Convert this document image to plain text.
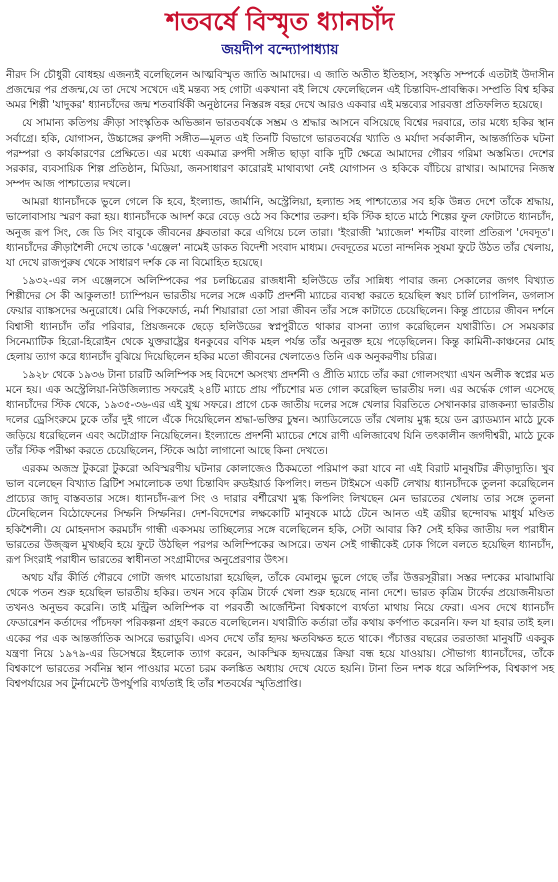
শতবর্ষে বিস্মৃত ধ্যানচাঁদ
জয়দীপ বন্দ্যোপাধ্যায়

নীরদ সি চৌধুরী বোধহয় এজন্যই বলেছিলেন আত্মবিস্মৃত জাতি আমাদের। এ জাতি অতীত ইতিহাস, সংস্কৃতি সম্পর্কে এতটাই উদাসীন প্রজন্মের পর প্রজন্ম,যে তা দেখে সখেদে এই মন্তব্য সহ গোটা একখানা বই লিখে ফেলেছিলেন এই চিন্তাবিদ-প্রাবন্ধিক। সম্প্রতি বিশ্ব হকির অমর শিল্পী 'যাদুকর' ধ্যানচাঁদের জন্ম শতবার্ষিকী অনুষ্ঠানের নিস্তরঙ্গ বহর দেখে আরও একবার এই মন্তব্যের সারবত্তা প্রতিফলিত হয়েছে।

যে সামান্য কতিপয় ক্রীড়া সাংস্কৃতিক অভিজ্ঞান ভারতবর্ষকে সম্ভ্রম ও শ্রদ্ধার আসনে বসিয়েছে বিশ্বের দরবারে, তার মধ্যে হকির স্থান সর্বাগ্রে। হকি, যোগাসন, উচ্চাঙ্গের রুপদী সঙ্গীত—মূলত এই তিনটি বিভাগে ভারতবর্ষের খ্যাতি ও মর্যাদা সর্বকালীন, আন্তর্জাতিক ঘটনা পরম্পরা ও কার্যকারণের প্রেক্ষিতে। এর মধ্যে একমাত্র রুপদী সঙ্গীত ছাড়া বাকি দুটি ক্ষেত্রে আমাদের গৌরব গরিমা অস্তমিত। দেশের সরকার, ব্যবসায়িক শিল্প প্রতিষ্ঠান, মিডিয়া, জনসাধারণ কারোরই মাথাব্যথা নেই যোগাসন ও হকিকে বাঁচিয়ে রাখার। আমাদের নিজস্ব সম্পদ আজ পাশ্চাত্যের দখলে।

আমরা ধ্যানচাঁদকে ভুলে গেলে কি হবে, ইংল্যান্ড, জার্মানি, অস্ট্রেলিয়া, হল্যান্ড সহ পাশ্চাত্যের সব হকি উন্নত দেশে তাঁকে শ্রদ্ধায়, ভালোবাসায় স্মরণ করা হয়। ধ্যানচাঁদকে আদর্শ করে বেড়ে ওঠে সব কিশোর তরুণ। হকি স্টিক হাতে মাঠে শিল্পের ফুল ফোটাতে ধ্যানচাঁদ, অনুজ রূপ সিং, জে ডি সিং বাবুকে জীবনের ধ্রুবতারা করে এগিয়ে চলে তারা। 'ইংরাজী 'ম্যাজেল' শব্দটির বাংলা প্রতিরূপ 'দেবদূত'। ধ্যানচাঁদের ক্রীড়াশৈলী দেখে তাকে 'এঞ্জেল' নামেই ডাকত বিদেশী সংবাদ মাধ্যম। দেবদূতের মতো নান্দনিক সুষমা ফুটে উঠত তাঁর খেলায়, যা দেখে রাজপুরুষ থেকে সাধারণ দর্শক কে না বিমোহিত হয়েছে।

১৯৩২-এর লস এঞ্জেলসে অলিম্পিকের পর চলচ্চিত্রের রাজধানী হলিউডে তাঁর সান্নিধ্য পাবার জন্য সেকালের জগৎ বিখ্যাত শিল্পীদের সে কী আকুলতা! চ্যাম্পিয়ন ভারতীয় দলের সঙ্গে একটি প্রদর্শনী ম্যাচের ব্যবস্থা করতে হয়েছিল স্বয়ং চার্লি চ্যাপলিন, ডগলাস ফেয়ার ব্যাঙ্কসদের অনুরোধে। মেরি পিকফোর্ড, নর্মা শিয়ারারা তো সারা জীবন তাঁর সঙ্গে কাটাতে চেয়েছিলেন। কিন্তু প্রাচ্যের জীবন দর্শনে বিশ্বাসী ধ্যানচাঁদ তাঁর পরিবার, প্রিয়জনকে ছেড়ে হলিউডের স্বপ্নপুরীতে থাকার বাসনা ত্যাগ করেছিলেন যথারীতি। সে সময়কার সিনেম্যাটিক হিরো-হিরোইন থেকে যুক্তরাষ্ট্রের ধনকুবের বণিক মহল পর্যন্ত তাঁর অনুরক্ত হয়ে পড়েছিলেন। কিন্তু কামিনী-কাঞ্চনের মোহ হেলায় ত্যাগ করে ধ্যানচাঁদ বুঝিয়ে দিয়েছিলেন হকির মতো জীবনের খেলাতেও তিনি এক অনুকরণীয় চরিত্র।

১৯২৮ থেকে ১৯৩৬ টানা চারটি অলিম্পিক সহ বিদেশে অসংখ্য প্রদর্শনী ও প্রীতি ম্যাচে তাঁর করা গোলসংখ্যা এখন অলীক স্বপ্নের মত মনে হয়। এক অস্ট্রেলিয়া-নিউজিল্যান্ড সফরেই ২৪টি ম্যাচে প্রায় পাঁচশোর মত গোল করেছিল ভারতীয় দল। এর অর্দ্ধেক গোল এসেছে ধ্যানচাঁদের স্টিক থেকে, ১৯৩৫-৩৬-এর এই যুগ্ম সফরে। প্রাগে চেক জাতীয় দলের সঙ্গে খেলার বিরতিতে সেখানকার রাজকন্যা ভারতীয় দলের ড্রেসিংরুমে ঢুকে তাঁর দুই গালে এঁকে দিয়েছিলেন শ্রদ্ধা-ভক্তির চুম্বন। অ্যাডিলেডে তাঁর খেলায় মুগ্ধ হয়ে ডন ব্র্যাডম্যান মাঠে ঢুকে জড়িয়ে ধরেছিলেন এবং অটোগ্রাফ নিয়েছিলেন। ইংল্যান্ডে প্রদর্শনী ম্যাচের শেষে রাণী এলিজাবেথ যিনি তৎকালীন জগদীশ্বরী, মাঠে ঢুকে তাঁর স্টিক পরীক্ষা করতে চেয়েছিলেন, স্টিকে আঠা লাগানো আছে কিনা দেখতে।

এরকম অজস্র টুকরো টুকরো অবিস্মরণীয় ঘটনার কোলাজেও ঠিকমতো পরিমাপ করা যাবে না এই বিরাট মানুষটির ক্রীড়াদ্যুতি। খুব ভাল বলেছেন বিখ্যাত ব্রিটিশ সমালোচক তথা চিন্তাবিদ রুডইয়ার্ড কিপলিং। লন্ডন টাইমসে একটি লেখায় ধ্যানচাঁদকে তুলনা করেছিলেন প্রাচ্যের জাদু বাস্তবতার সঙ্গে। ধ্যানচাঁদ-রূপ সিং ও দারার বর্শীরেখা মুগ্ধ কিপলিং লিখছেন মেন ভারতের খেলায় তার সঙ্গে তুলনা টেনেছিলেন বিঠোফেনের সিম্ফনি সিম্ফনির। দেশ-বিদেশের লক্ষকোটি মানুষকে মাঠে টেনে আনত এই ত্রয়ীর ছন্দোবদ্ধ মাধুর্য মণ্ডিত হকিশৈলী। যে মোহনদাস করমচাঁদ গান্ধী একসময় তাচ্ছিল্যের সঙ্গে বলেছিলেন হকি, সেটা আবার কি? সেই হকির জাতীয় দল পরাধীন ভারতের উজ্জ্বল মুখচ্ছবি হয়ে ফুটে উঠছিল পরপর অলিম্পিকের আসরে। তখন সেই গান্ধীকেই ঢোক গিলে বলতে হয়েছিল ধ্যানচাঁদ, রূপ সিংরাই পরাধীন ভারতের স্বাধীনতা সংগ্রামীদের অনুপ্রেরণার উৎস।

অথচ যাঁর কীর্তি গৌরবে গোটা জগৎ মাতোয়ারা হয়েছিল, তাঁকে বেমালুম ভুলে গেছে তাঁর উত্তরসূরীরা। সস্তর দশকের মাঝামাঝি থেকে পতন শুরু হয়েছিল ভারতীয় হকির। তখন সবে কৃত্রিম টার্ফে খেলা শুরু হয়েছে নানা দেশে। ভারত কৃত্রিম টার্ফের প্রয়োজনীয়তা তখনও অনুভব করেনি। তাই মন্ট্রিল অলিম্পিক বা পরবর্তী আর্জেন্টিনা বিশ্বকাপে ব্যর্থতা মাথায় নিয়ে ফেরা। এসব দেখে ধ্যানচাঁদ ফেডারেশন কর্তাদের পাঁচদফা পরিকল্পনা গ্রহণ করতে বলেছিলেন। যথারীতি কর্তারা তাঁর কথায় কর্ণপাত করেননি। ফল যা হবার তাই হল। একের পর এক আন্তর্জাতিক আসরে ভরাডুবি। এসব দেখে তাঁর হৃদয় ক্ষতবিক্ষত হতে থাকে। পঁচাত্তর বছরের তরতাজা মানুষটি একবুক যন্ত্রণা নিয়ে ১৯৭৯-এর ডিসেম্বরে ইহলোক ত্যাগ করেন, আকস্মিক হৃদযন্ত্রের ক্রিয়া বন্ধ হয়ে যাওয়ায়। সৌভাগ্য ধ্যানচাঁদের, তাঁকে বিশ্বকাপে ভারতের সর্বনিম্ন স্থান পাওয়ার মতো চরম কলঙ্কিত অধ্যায় দেখে যেতে হয়নি। টানা তিন দশক ধরে অলিম্পিক, বিশ্বকাপ সহ বিশ্বপর্যায়ের সব টুর্নামেন্টে উপর্যুপরি ব্যর্থতাই হি তাঁর শতবর্ষের স্মৃতিপ্রাপ্তি।
